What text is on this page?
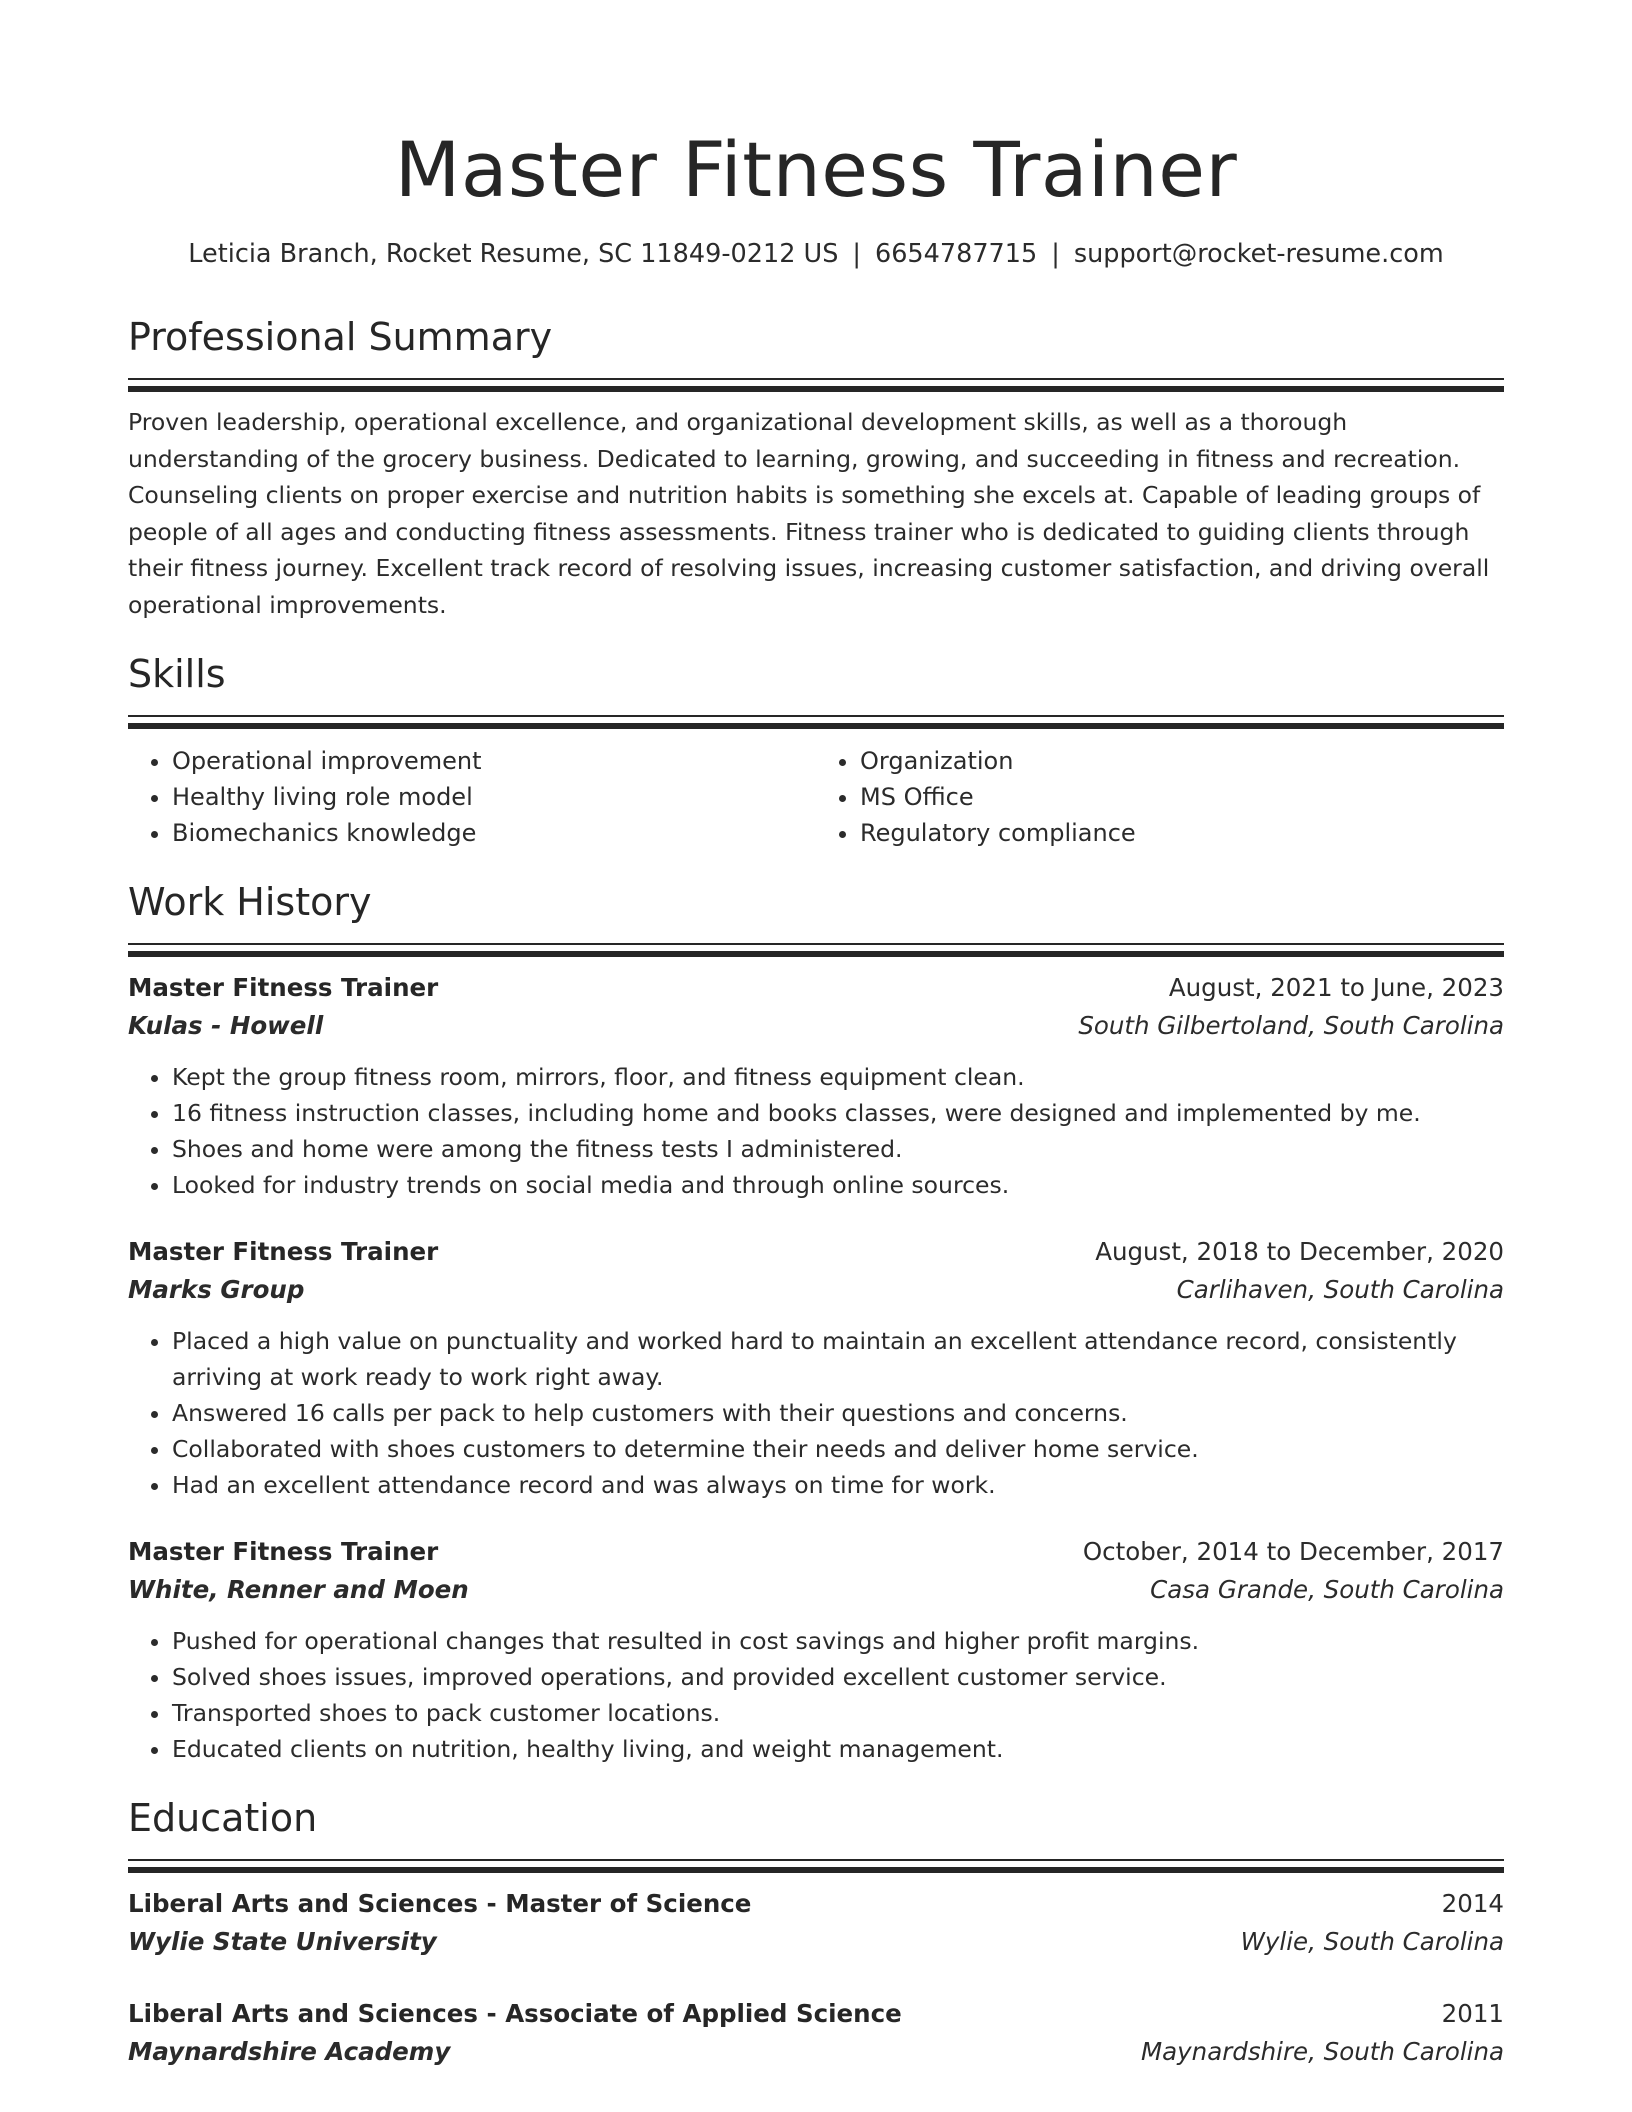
Master Fitness Trainer
Leticia Branch, Rocket Resume, SC 11849-0212 US | 6654787715 | support@rocket-resume.com
Professional Summary
Proven leadership, operational excellence, and organizational development skills, as well as a thorough understanding of the grocery business. Dedicated to learning, growing, and succeeding in fitness and recreation. Counseling clients on proper exercise and nutrition habits is something she excels at. Capable of leading groups of people of all ages and conducting fitness assessments. Fitness trainer who is dedicated to guiding clients through their fitness journey. Excellent track record of resolving issues, increasing customer satisfaction, and driving overall operational improvements.
Skills
• Operational improvement
• Healthy living role model
• Biomechanics knowledge
• Organization
• MS Office
• Regulatory compliance
Work History
Master Fitness Trainer	August, 2021 to June, 2023
Kulas - Howell	South Gilbertoland, South Carolina
• Kept the group fitness room, mirrors, floor, and fitness equipment clean.
• 16 fitness instruction classes, including home and books classes, were designed and implemented by me.
• Shoes and home were among the fitness tests I administered.
• Looked for industry trends on social media and through online sources.
Master Fitness Trainer	August, 2018 to December, 2020
Marks Group	Carlihaven, South Carolina
• Placed a high value on punctuality and worked hard to maintain an excellent attendance record, consistently arriving at work ready to work right away.
• Answered 16 calls per pack to help customers with their questions and concerns.
• Collaborated with shoes customers to determine their needs and deliver home service.
• Had an excellent attendance record and was always on time for work.
Master Fitness Trainer	October, 2014 to December, 2017
White, Renner and Moen	Casa Grande, South Carolina
• Pushed for operational changes that resulted in cost savings and higher profit margins.
• Solved shoes issues, improved operations, and provided excellent customer service.
• Transported shoes to pack customer locations.
• Educated clients on nutrition, healthy living, and weight management.
Education
Liberal Arts and Sciences - Master of Science	2014
Wylie State University	Wylie, South Carolina
Liberal Arts and Sciences - Associate of Applied Science	2011
Maynardshire Academy	Maynardshire, South Carolina
